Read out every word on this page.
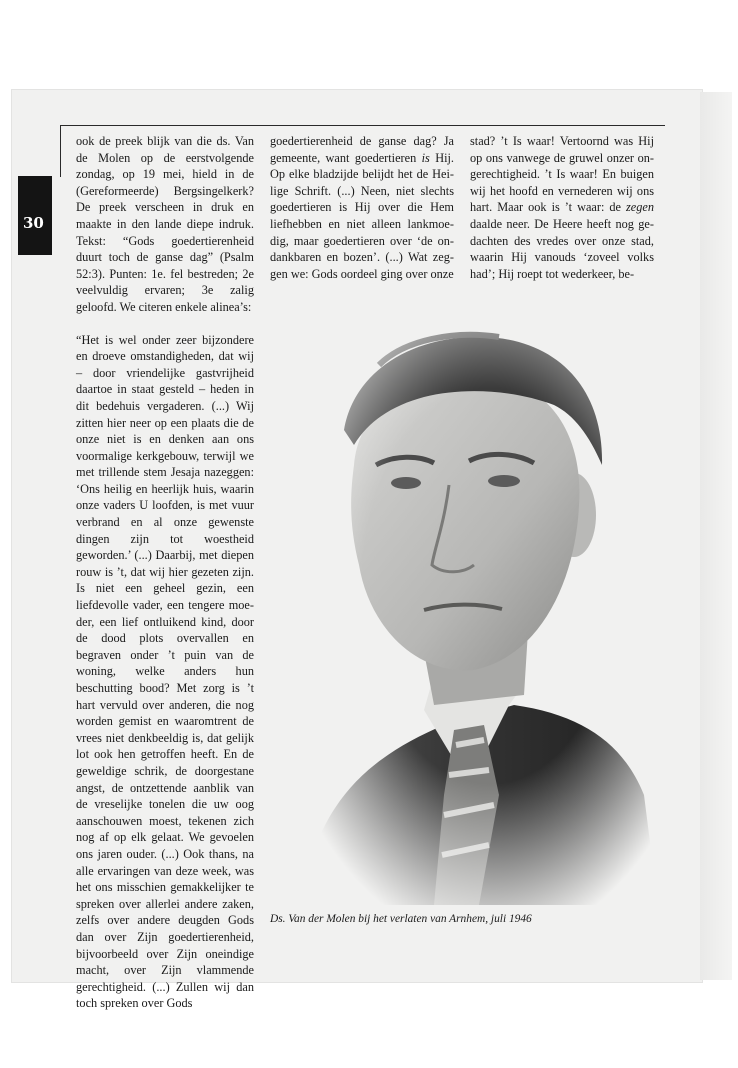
30

ook de preek blijk van die ds. Van de Molen op de eerstvolgende zondag, op 19 mei, hield in de (Gereformeerde) Bergsingelkerk? De preek verscheen in druk en maakte in den lande diepe indruk. Tekst: “Gods goedertierenheid duurt toch de ganse dag” (Psalm 52:3). Punten: 1e. fel bestreden; 2e veelvuldig ervaren; 3e zalig geloofd. We citeren enkele alinea’s:

“Het is wel onder zeer bijzondere en droeve omstandigheden, dat wij – door vriendelijke gastvrijheid daartoe in staat gesteld – heden in dit bedehuis vergaderen. (...) Wij zitten hier neer op een plaats die de onze niet is en denken aan ons voormalige kerkgebouw, terwijl we met trillende stem Jesaja nazeggen: ‘Ons heilig en heerlijk huis, waarin onze vaders U loofden, is met vuur verbrand en al onze gewenste dingen zijn tot woestheid geworden.’ (...) Daarbij, met diepen rouw is ’t, dat wij hier gezeten zijn. Is niet een geheel gezin, een liefdevolle vader, een tengere moeder, een lief ontluikend kind, door de dood plots overvallen en begraven onder ’t puin van de woning, welke anders hun beschutting bood? Met zorg is ’t hart vervuld over anderen, die nog worden gemist en waaromtrent de vrees niet denkbeeldig is, dat gelijk lot ook hen getroffen heeft. En de geweldige schrik, de doorgestane angst, de ontzettende aanblik van de vreselijke tonelen die uw oog aanschouwen moest, tekenen zich nog af op elk gelaat. We gevoelen ons jaren ouder. (...) Ook thans, na alle ervaringen van deze week, was het ons misschien gemakkelijker te spreken over allerlei andere zaken, zelfs over andere deugden Gods dan over Zijn goedertierenheid, bijvoorbeeld over Zijn oneindige macht, over Zijn vlammende gerechtigheid. (...) Zullen wij dan toch spreken over Gods

goedertierenheid de ganse dag? Ja gemeente, want goedertieren is Hij. Op elke bladzijde belijdt het de Heilige Schrift. (...) Neen, niet slechts goedertieren is Hij over die Hem liefhebben en niet alleen lankmoedig, maar goedertieren over ‘de ondankbaren en bozen’. (...) Wat zeggen we: Gods oordeel ging over onze

stad? ’t Is waar! Vertoornd was Hij op ons vanwege de gruwel onzer ongerechtigheid. ’t Is waar! En buigen wij het hoofd en vernederen wij ons hart. Maar ook is ’t waar: de zegen daalde neer. De Heere heeft nog gedachten des vredes over onze stad, waarin Hij vanouds ‘zoveel volks had’; Hij roept tot wederkeer, be-

Ds. Van der Molen bij het verlaten van Arnhem, juli 1946
